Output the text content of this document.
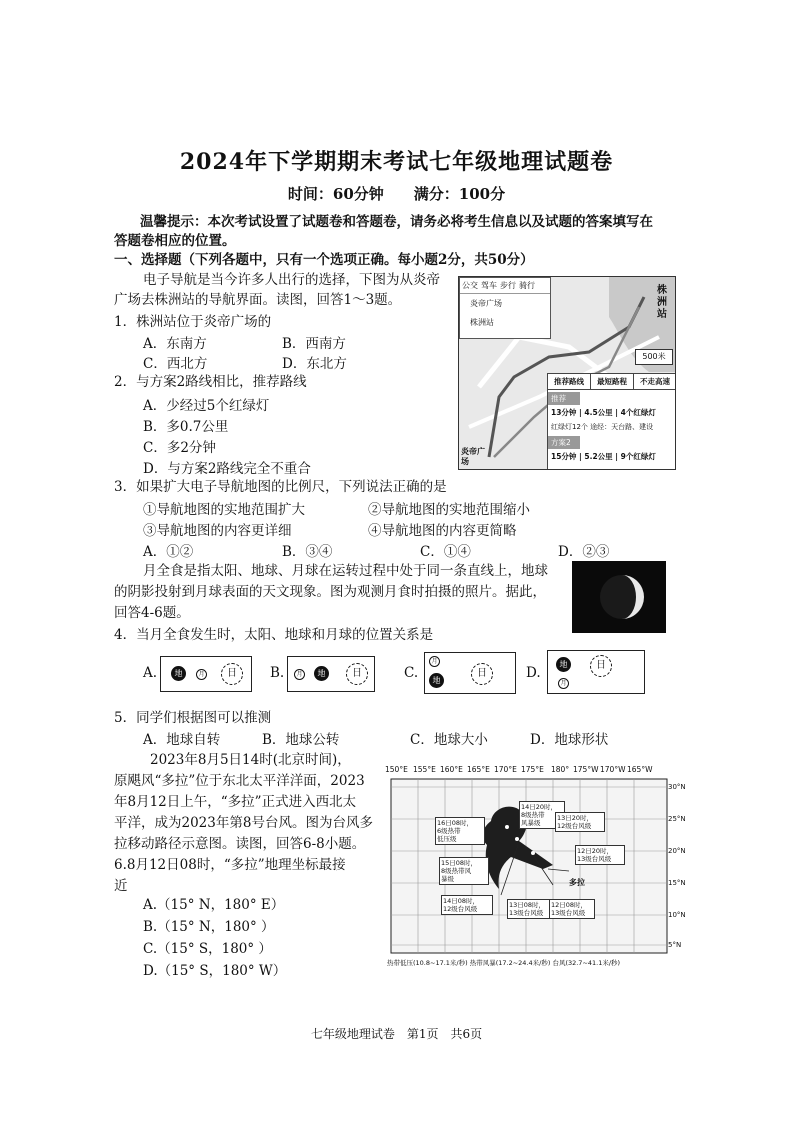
2024年下学期期末考试七年级地理试题卷
时间：60分钟　　满分：100分
温馨提示：本次考试设置了试题卷和答题卷，请务必将考生信息以及试题的答案填写在
答题卷相应的位置。
一、选择题（下列各题中，只有一个选项正确。每小题2分，共50分）
电子导航是当今许多人出行的选择，下图为从炎帝
广场去株洲站的导航界面。读图，回答1～3题。
1．株洲站位于炎帝广场的
A．东南方	B．西南方
C．西北方	D．东北方
2．与方案2路线相比，推荐路线
A．少经过5个红绿灯
B．多0.7公里
C．多2分钟
D．与方案2路线完全不重合
公交 驾车 步行 骑行
炎帝广场
株洲站
株洲站
炎帝广场
500米
推荐路线	最短路程	不走高速
推荐
13分钟 | 4.5公里 | 4个红绿灯
红绿灯12个 途经：天台路、建设
方案2
15分钟 | 5.2公里 | 9个红绿灯
3．如果扩大电子导航地图的比例尺，下列说法正确的是
①导航地图的实地范围扩大	②导航地图的实地范围缩小
③导航地图的内容更详细	④导航地图的内容更简略
A．①②	B．③④	C．①④	D．②③
月全食是指太阳、地球、月球在运转过程中处于同一条直线上，地球
的阴影投射到月球表面的天文现象。图为观测月食时拍摄的照片。据此，
回答4-6题。
4．当月全食发生时，太阳、地球和月球的位置关系是
A.	地	月	日	B.	月	地	日	C.
月
地
日	D.
地
月
日
5．同学们根据图可以推测
A．地球自转	B．地球公转	C．地球大小	D．地球形状
2023年8月5日14时(北京时间)，
原飓风“多拉”位于东北太平洋洋面，2023
年8月12日上午，“多拉”正式进入西北太
平洋，成为2023年第8号台风。图为台风多
拉移动路径示意图。读图，回答6-8小题。
6.8月12日08时，“多拉”地理坐标最接
近
A.（15° N，180° E）
B.（15° N，180° ）
C.（15° S，180° ）
D.（15° S，180° W）
150°E 155°E 160°E 165°E 170°E 175°E 180° 175°W 170°W 165°W
30°N
25°N
20°N
15°N
10°N
5°N
16日08时，
6级热带
低压级
14日20时，
8级热带
风暴级
13日20时，
12级台风级
15日08时，
8级热带风
暴级
12日20时，
13级台风级
14日08时，
12级台风级	13日08时，
13级台风级
12日08时，
13级台风级
多拉
热带低压(10.8~17.1米/秒) 热带风暴(17.2~24.4米/秒) 台风(32.7~41.1米/秒)
七年级地理试卷　第1页　共6页
